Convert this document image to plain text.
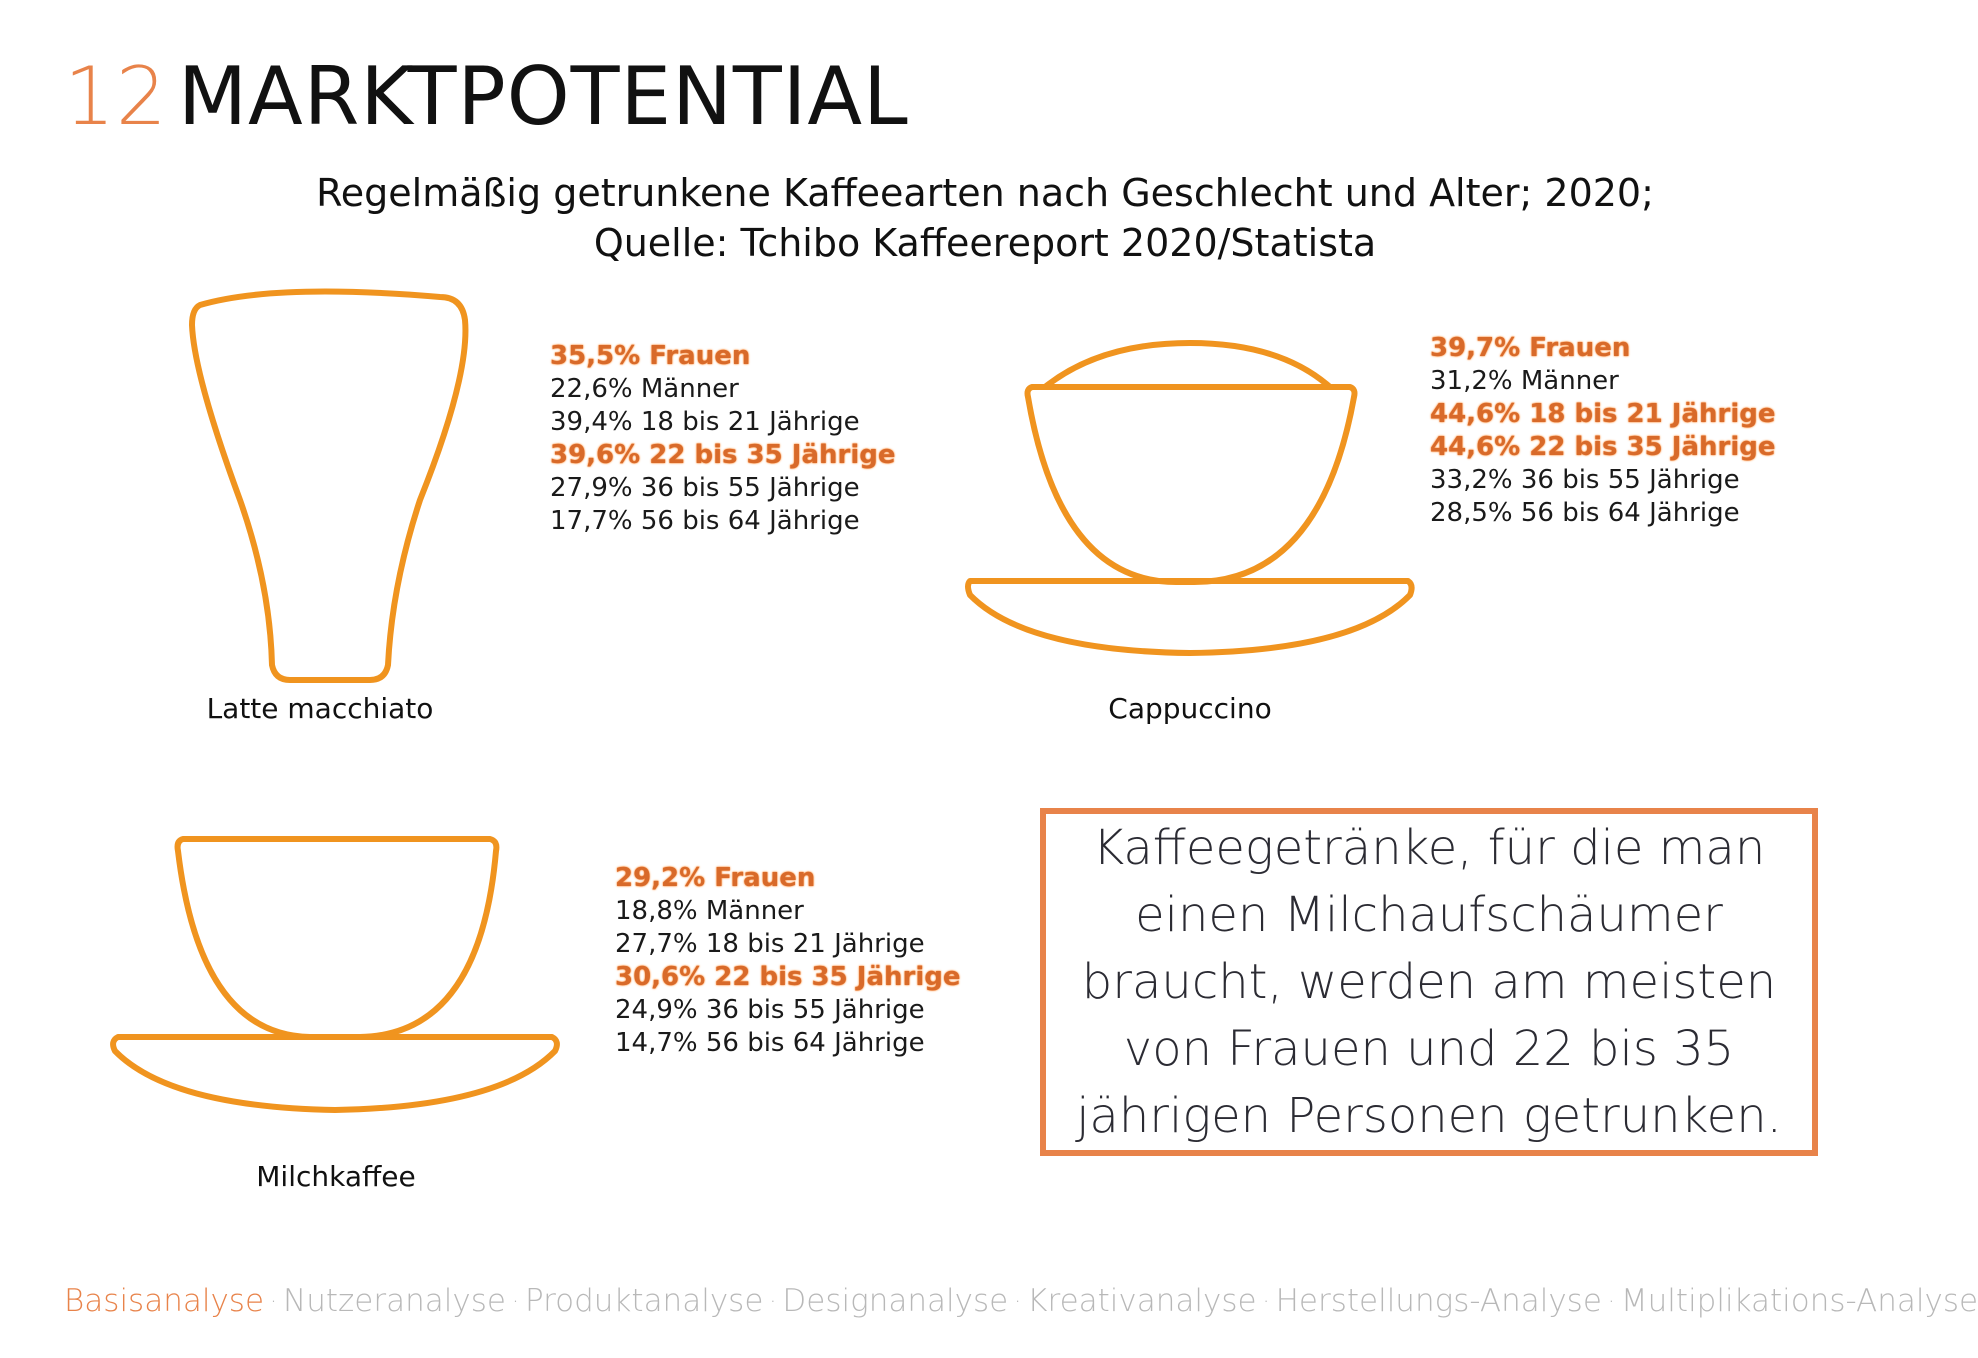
12 MARKTPOTENTIAL
Regelmäßig getrunkene Kaffeearten nach Geschlecht und Alter; 2020;
Quelle: Tchibo Kaffeereport 2020/Statista
35,5% Frauen
22,6% Männer
39,4% 18 bis 21 Jährige
39,6% 22 bis 35 Jährige
27,9% 36 bis 55 Jährige
17,7% 56 bis 64 Jährige
39,7% Frauen
31,2% Männer
44,6% 18 bis 21 Jährige
44,6% 22 bis 35 Jährige
33,2% 36 bis 55 Jährige
28,5% 56 bis 64 Jährige
29,2% Frauen
18,8% Männer
27,7% 18 bis 21 Jährige
30,6% 22 bis 35 Jährige
24,9% 36 bis 55 Jährige
14,7% 56 bis 64 Jährige
Latte macchiato	Cappuccino
Milchkaffee
Kaffeegetränke, für die man
einen Milchaufschäumer
braucht, werden am meisten
von Frauen und 22 bis 35
jährigen Personen getrunken.
Basisanalyse · Nutzeranalyse · Produktanalyse · Designanalyse · Kreativanalyse · Herstellungs-Analyse · Multiplikations-Analyse
